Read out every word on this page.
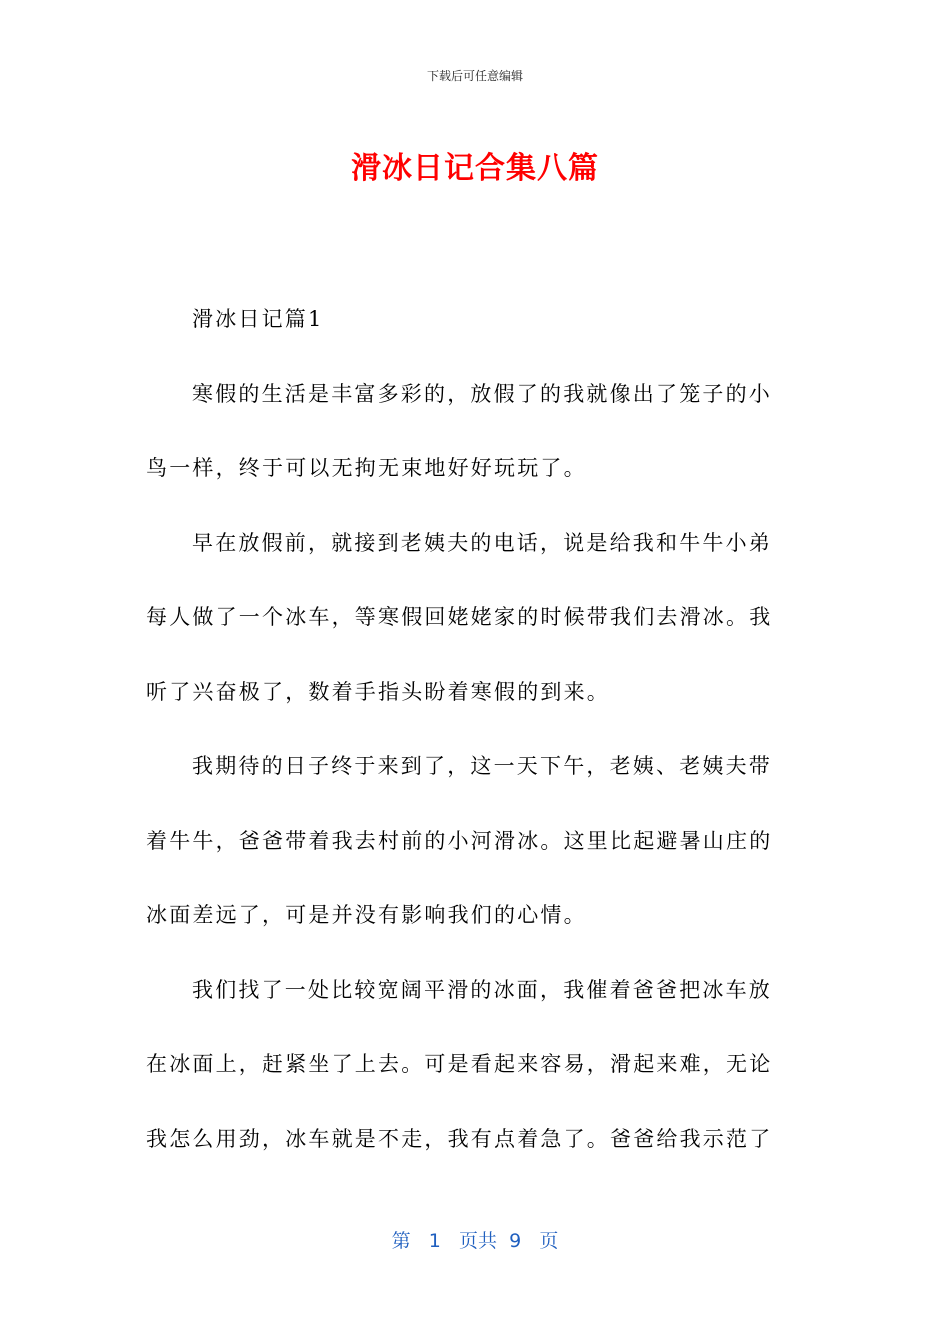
下载后可任意编辑
滑冰日记合集八篇

滑冰日记篇1

寒假的生活是丰富多彩的，放假了的我就像出了笼子的小鸟一样，终于可以无拘无束地好好玩玩了。

早在放假前，就接到老姨夫的电话，说是给我和牛牛小弟每人做了一个冰车，等寒假回姥姥家的时候带我们去滑冰。我听了兴奋极了，数着手指头盼着寒假的到来。

我期待的日子终于来到了，这一天下午，老姨、老姨夫带着牛牛，爸爸带着我去村前的小河滑冰。这里比起避暑山庄的冰面差远了，可是并没有影响我们的心情。

我们找了一处比较宽阔平滑的冰面，我催着爸爸把冰车放在冰面上，赶紧坐了上去。可是看起来容易，滑起来难，无论我怎么用劲，冰车就是不走，我有点着急了。爸爸给我示范了

第 1 页共 9 页
